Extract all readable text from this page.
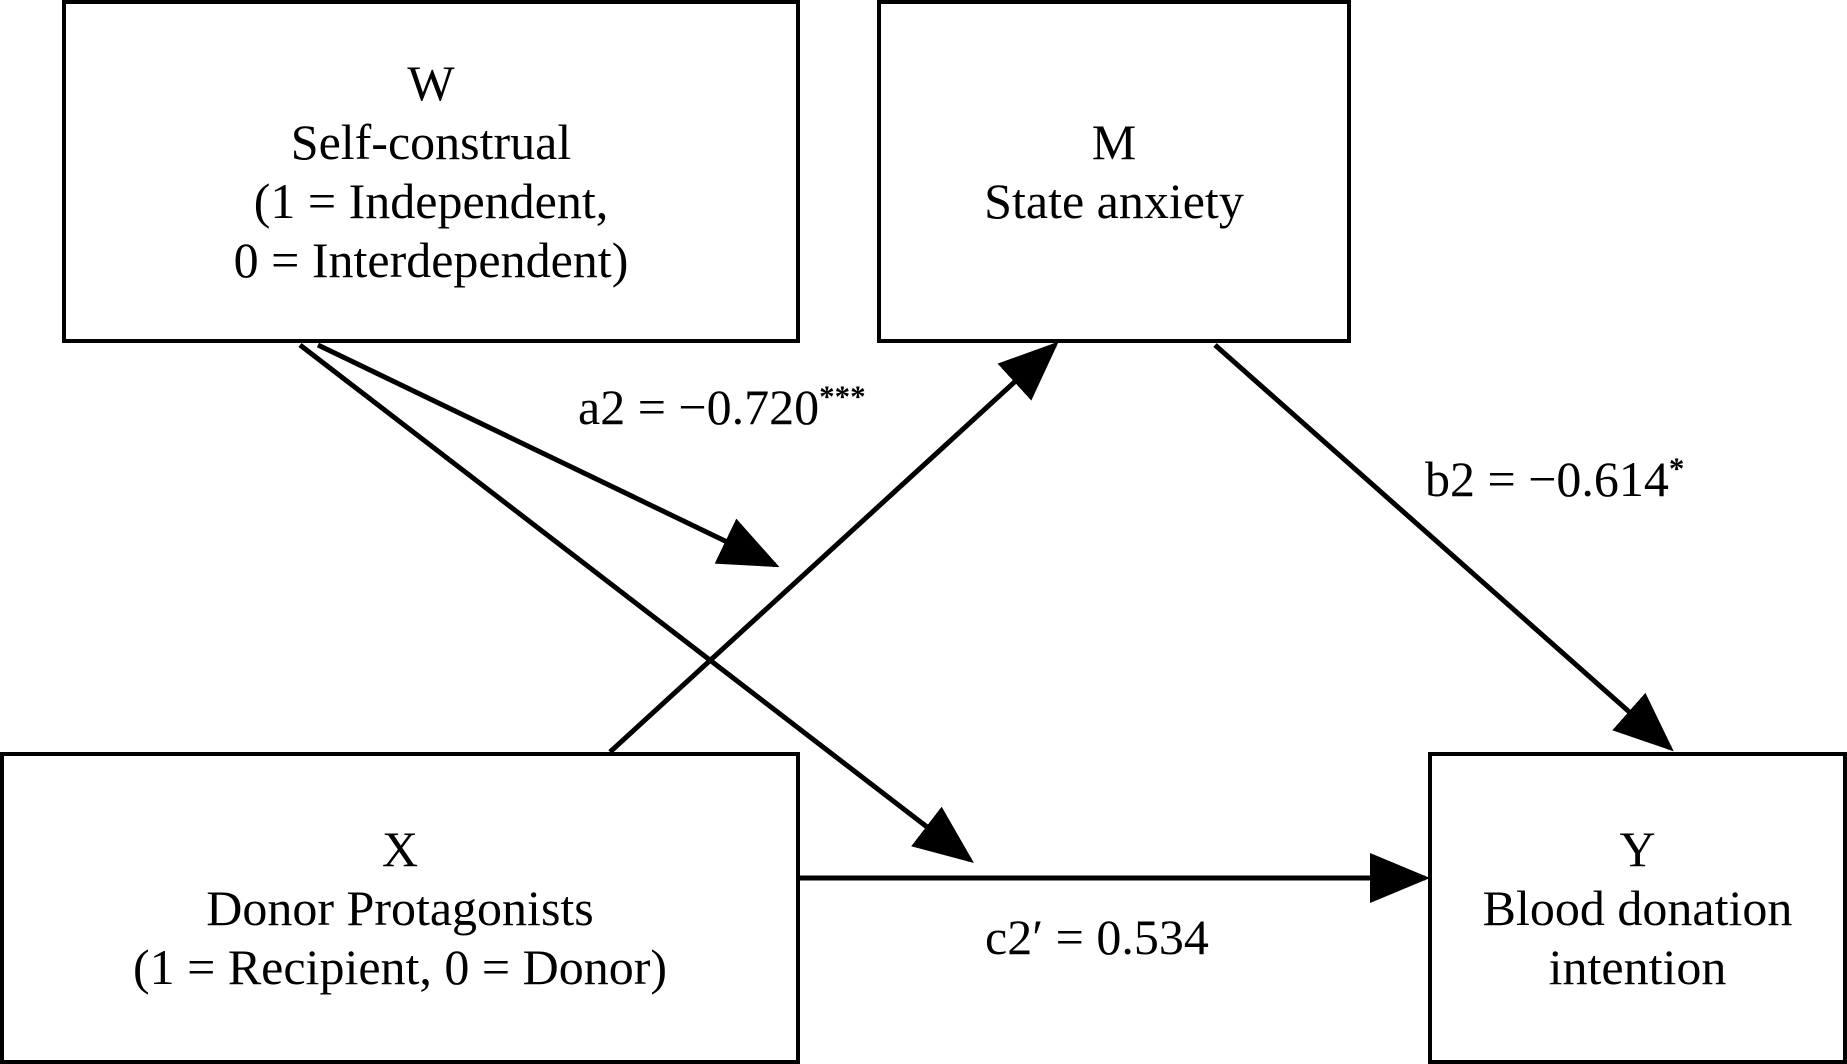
W
Self-construal
(1 = Independent,
0 = Interdependent)
M
State anxiety
X
Donor Protagonists
(1 = Recipient, 0 = Donor)
Y
Blood donation
intention
a2 = −0.720***
b2 = −0.614*
c2′ = 0.534
